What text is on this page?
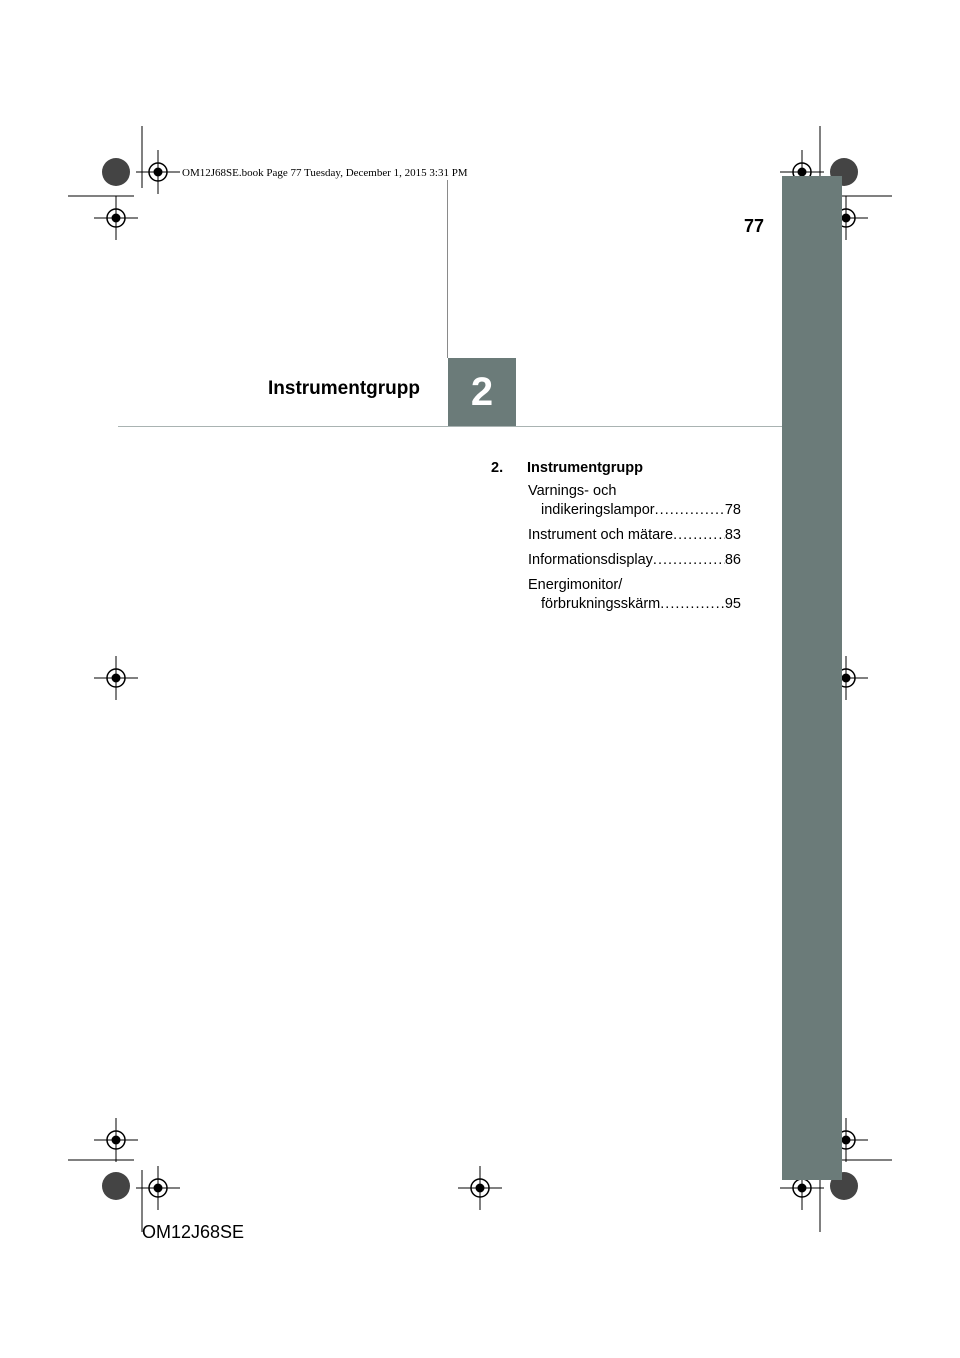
OM12J68SE.book Page 77 Tuesday, December 1, 2015 3:31 PM
77
Instrumentgrupp	2
2. Instrumentgrupp
Varnings- och
indikeringslampor .....	78
Instrument och mätare .....	83
Informationsdisplay .....	86
Energimonitor/
förbrukningsskärm .....	95
OM12J68SE
